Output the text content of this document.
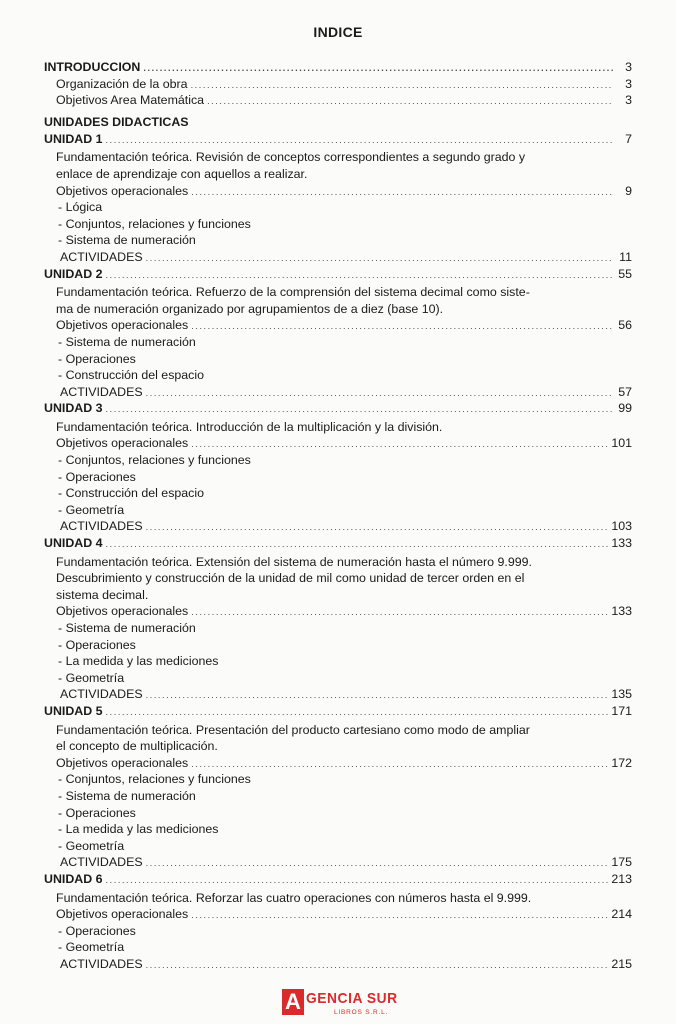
INDICE
INTRODUCCION .....	3
Organización de la obra .....	3
Objetivos Area Matemática .....	3
UNIDADES DIDACTICAS
UNIDAD 1 .....	7
Fundamentación teórica. Revisión de conceptos correspondientes a segundo grado y
enlace de aprendizaje con aquellos a realizar.
Objetivos operacionales .....	9
- Lógica
- Conjuntos, relaciones y funciones
- Sistema de numeración
ACTIVIDADES .....	11
UNIDAD 2 .....	55
Fundamentación teórica. Refuerzo de la comprensión del sistema decimal como siste-
ma de numeración organizado por agrupamientos de a diez (base 10).
Objetivos operacionales .....	56
- Sistema de numeración
- Operaciones
- Construcción del espacio
ACTIVIDADES .....	57
UNIDAD 3 .....	99
Fundamentación teórica. Introducción de la multiplicación y la división.
Objetivos operacionales .....	101
- Conjuntos, relaciones y funciones
- Operaciones
- Construcción del espacio
- Geometría
ACTIVIDADES .....	103
UNIDAD 4 .....	133
Fundamentación teórica. Extensión del sistema de numeración hasta el número 9.999.
Descubrimiento y construcción de la unidad de mil como unidad de tercer orden en el
sistema decimal.
Objetivos operacionales .....	133
- Sistema de numeración
- Operaciones
- La medida y las mediciones
- Geometría
ACTIVIDADES .....	135
UNIDAD 5 .....	171
Fundamentación teórica. Presentación del producto cartesiano como modo de ampliar
el concepto de multiplicación.
Objetivos operacionales .....	172
- Conjuntos, relaciones y funciones
- Sistema de numeración
- Operaciones
- La medida y las mediciones
- Geometría
ACTIVIDADES .....	175
UNIDAD 6 .....	213
Fundamentación teórica. Reforzar las cuatro operaciones con números hasta el 9.999.
Objetivos operacionales .....	214
- Operaciones
- Geometría
ACTIVIDADES .....	215
A GENCIA SUR
LIBROS S.R.L.
